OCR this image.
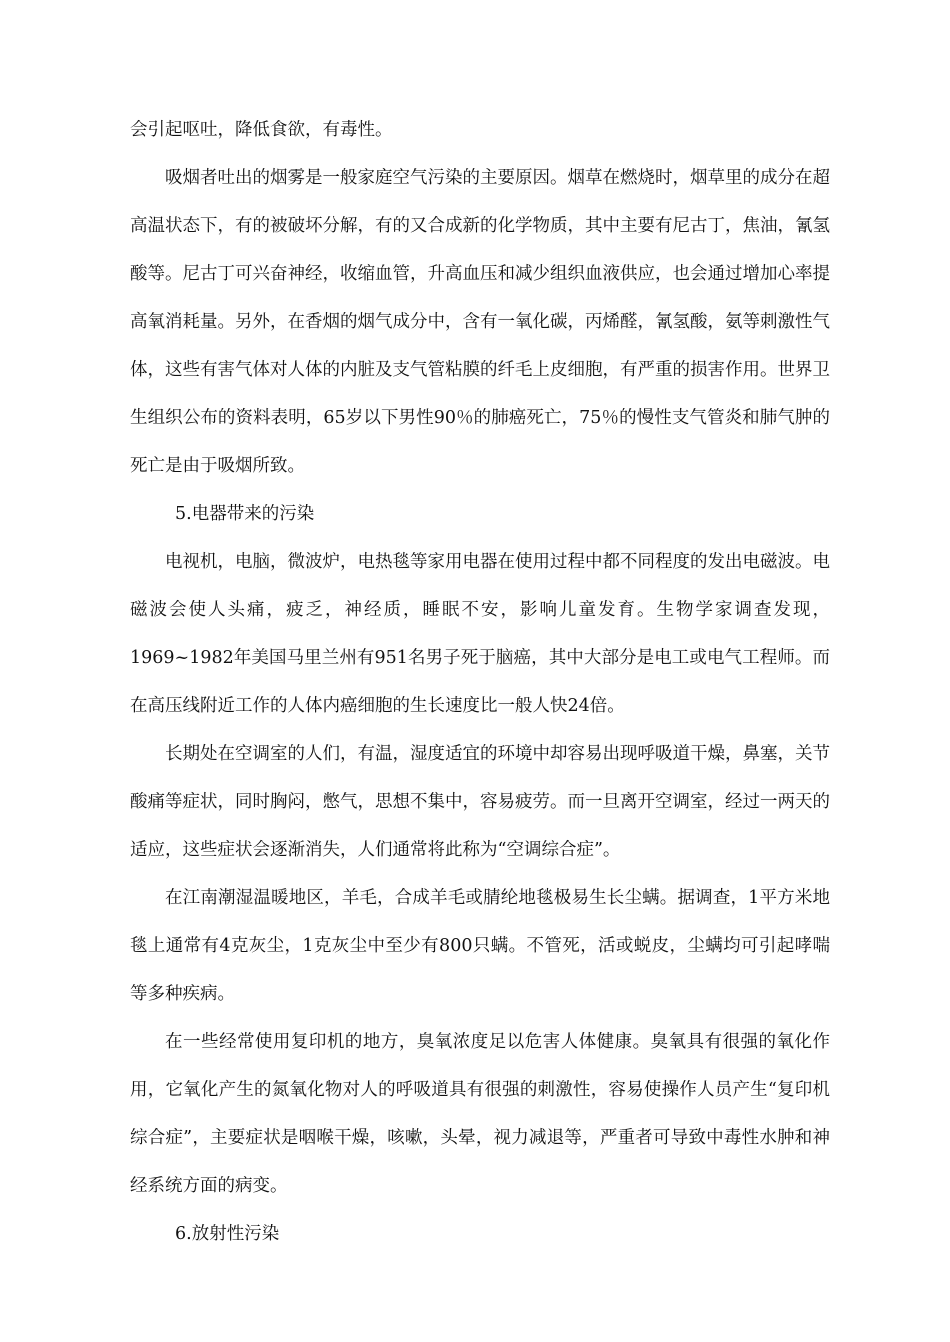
会引起呕吐，降低食欲，有毒性。

吸烟者吐出的烟雾是一般家庭空气污染的主要原因。烟草在燃烧时，烟草里的成分在超高温状态下，有的被破坏分解，有的又合成新的化学物质，其中主要有尼古丁，焦油，氰氢酸等。尼古丁可兴奋神经，收缩血管，升高血压和减少组织血液供应，也会通过增加心率提高氧消耗量。另外，在香烟的烟气成分中，含有一氧化碳，丙烯醛，氰氢酸，氨等刺激性气体，这些有害气体对人体的内脏及支气管粘膜的纤毛上皮细胞，有严重的损害作用。世界卫生组织公布的资料表明，65岁以下男性90％的肺癌死亡，75％的慢性支气管炎和肺气肿的死亡是由于吸烟所致。

5.电器带来的污染

电视机，电脑，微波炉，电热毯等家用电器在使用过程中都不同程度的发出电磁波。电磁波会使人头痛，疲乏，神经质，睡眠不安，影响儿童发育。生物学家调查发现，1969~1982年美国马里兰州有951名男子死于脑癌，其中大部分是电工或电气工程师。而在高压线附近工作的人体内癌细胞的生长速度比一般人快24倍。

长期处在空调室的人们，有温，湿度适宜的环境中却容易出现呼吸道干燥，鼻塞，关节酸痛等症状，同时胸闷，憋气，思想不集中，容易疲劳。而一旦离开空调室，经过一两天的适应，这些症状会逐渐消失，人们通常将此称为“空调综合症”。

在江南潮湿温暖地区，羊毛，合成羊毛或腈纶地毯极易生长尘螨。据调查，1平方米地毯上通常有4克灰尘，1克灰尘中至少有800只螨。不管死，活或蜕皮，尘螨均可引起哮喘等多种疾病。

在一些经常使用复印机的地方，臭氧浓度足以危害人体健康。臭氧具有很强的氧化作用，它氧化产生的氮氧化物对人的呼吸道具有很强的刺激性，容易使操作人员产生“复印机综合症”，主要症状是咽喉干燥，咳嗽，头晕，视力减退等，严重者可导致中毒性水肿和神经系统方面的病变。

6.放射性污染
